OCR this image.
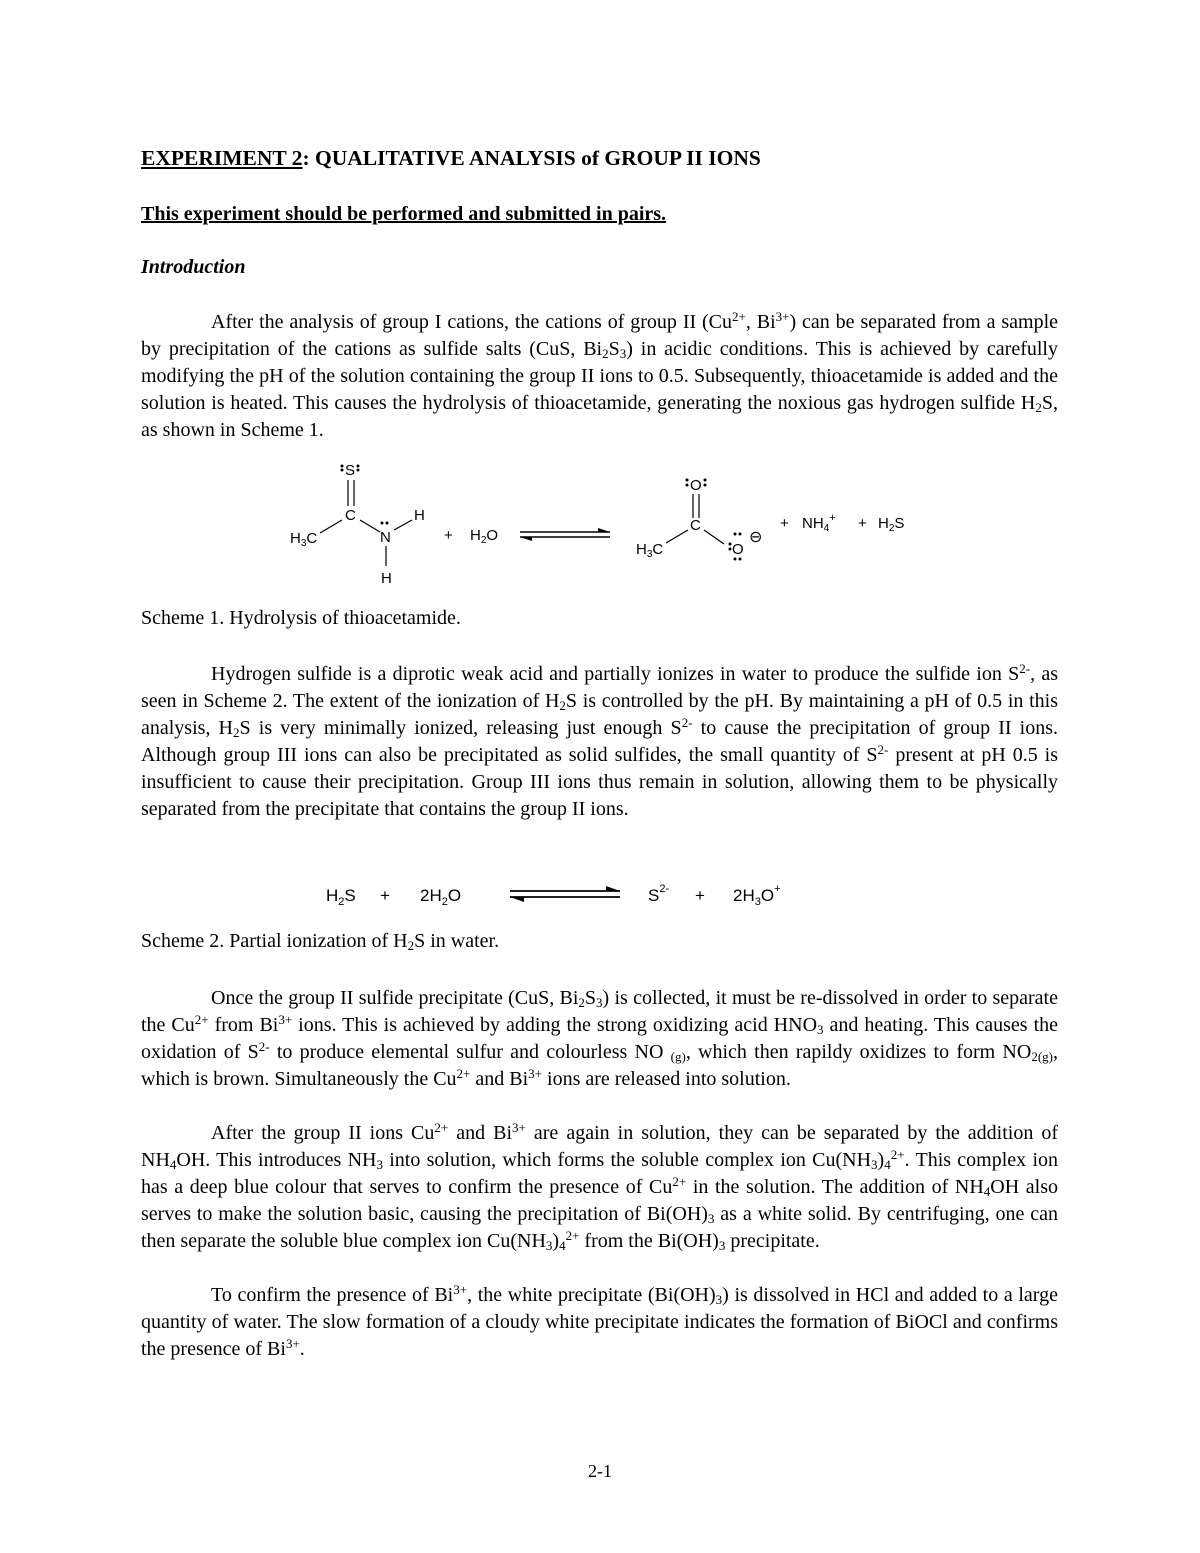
EXPERIMENT 2: QUALITATIVE ANALYSIS of GROUP II IONS
This experiment should be performed and submitted in pairs.
Introduction
After the analysis of group I cations, the cations of group II ($Cu^{2+}$, $Bi^{3+}$) can be separated from a sample by precipitation of the cations as sulfide salts (CuS, $Bi_2S_3$) in acidic conditions. This is achieved by carefully modifying the pH of the solution containing the group II ions to 0.5. Subsequently, thioacetamide is added and the solution is heated. This causes the hydrolysis of thioacetamide, generating the noxious gas hydrogen sulfide $H_2S$, as shown in Scheme 1.
S
C
$H_3C$	N
H
H
+ $H_2O$
O
C
$H_3C$	O
⊖
+ $NH_4^+ + H_2S$
Scheme 1. Hydrolysis of thioacetamide.
Hydrogen sulfide is a diprotic weak acid and partially ionizes in water to produce the sulfide ion $S^{2-}$, as seen in Scheme 2. The extent of the ionization of $H_2S$ is controlled by the pH. By maintaining a pH of 0.5 in this analysis, $H_2S$ is very minimally ionized, releasing just enough $S^{2-}$ to cause the precipitation of group II ions. Although group III ions can also be precipitated as solid sulfides, the small quantity of $S^{2-}$ present at pH 0.5 is insufficient to cause their precipitation. Group III ions thus remain in solution, allowing them to be physically separated from the precipitate that contains the group II ions.
$H_2S + 2H_2O$	$S^{2-} + 2H_3O^+$
Scheme 2. Partial ionization of $H_2S$ in water.
Once the group II sulfide precipitate (CuS, $Bi_2S_3$) is collected, it must be re-dissolved in order to separate the $Cu^{2+}$ from $Bi^{3+}$ ions. This is achieved by adding the strong oxidizing acid $HNO_3$ and heating. This causes the oxidation of $S^{2-}$ to produce elemental sulfur and colourless NO $_{(g)}$, which then rapildy oxidizes to form $NO_{2(g)}$, which is brown. Simultaneously the $Cu^{2+}$ and $Bi^{3+}$ ions are released into solution.
After the group II ions $Cu^{2+}$ and $Bi^{3+}$ are again in solution, they can be separated by the addition of $NH_4OH$. This introduces $NH_3$ into solution, which forms the soluble complex ion $Cu(NH_3)_4^{2+}$. This complex ion has a deep blue colour that serves to confirm the presence of $Cu^{2+}$ in the solution. The addition of $NH_4OH$ also serves to make the solution basic, causing the precipitation of $Bi(OH)_3$ as a white solid. By centrifuging, one can then separate the soluble blue complex ion $Cu(NH_3)_4^{2+}$ from the $Bi(OH)_3$ precipitate.
To confirm the presence of $Bi^{3+}$, the white precipitate $(Bi(OH)_3)$ is dissolved in HCl and added to a large quantity of water. The slow formation of a cloudy white precipitate indicates the formation of BiOCl and confirms the presence of $Bi^{3+}$.
2-1
